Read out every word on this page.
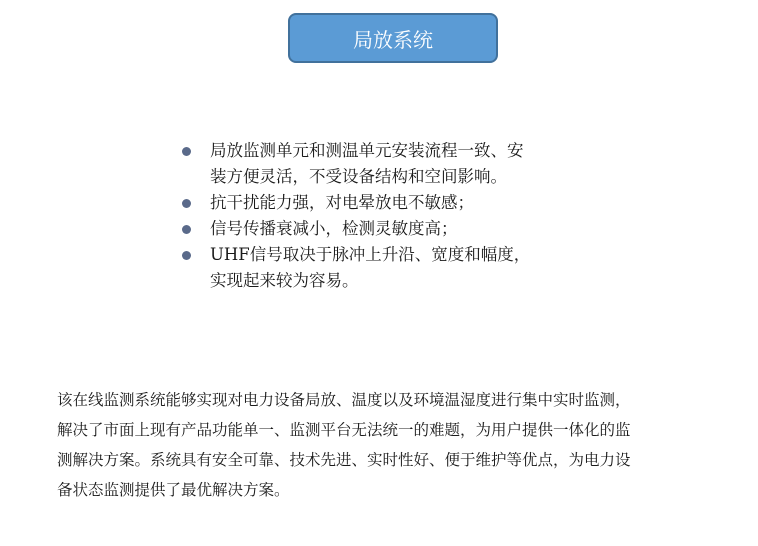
局放系统
局放监测单元和测温单元安装流程一致、安
装方便灵活，不受设备结构和空间影响。
抗干扰能力强，对电晕放电不敏感；
信号传播衰减小，检测灵敏度高；
UHF信号取决于脉冲上升沿、宽度和幅度，
实现起来较为容易。
该在线监测系统能够实现对电力设备局放、温度以及环境温湿度进行集中实时监测，
解决了市面上现有产品功能单一、监测平台无法统一的难题，为用户提供一体化的监
测解决方案。系统具有安全可靠、技术先进、实时性好、便于维护等优点，为电力设
备状态监测提供了最优解决方案。
